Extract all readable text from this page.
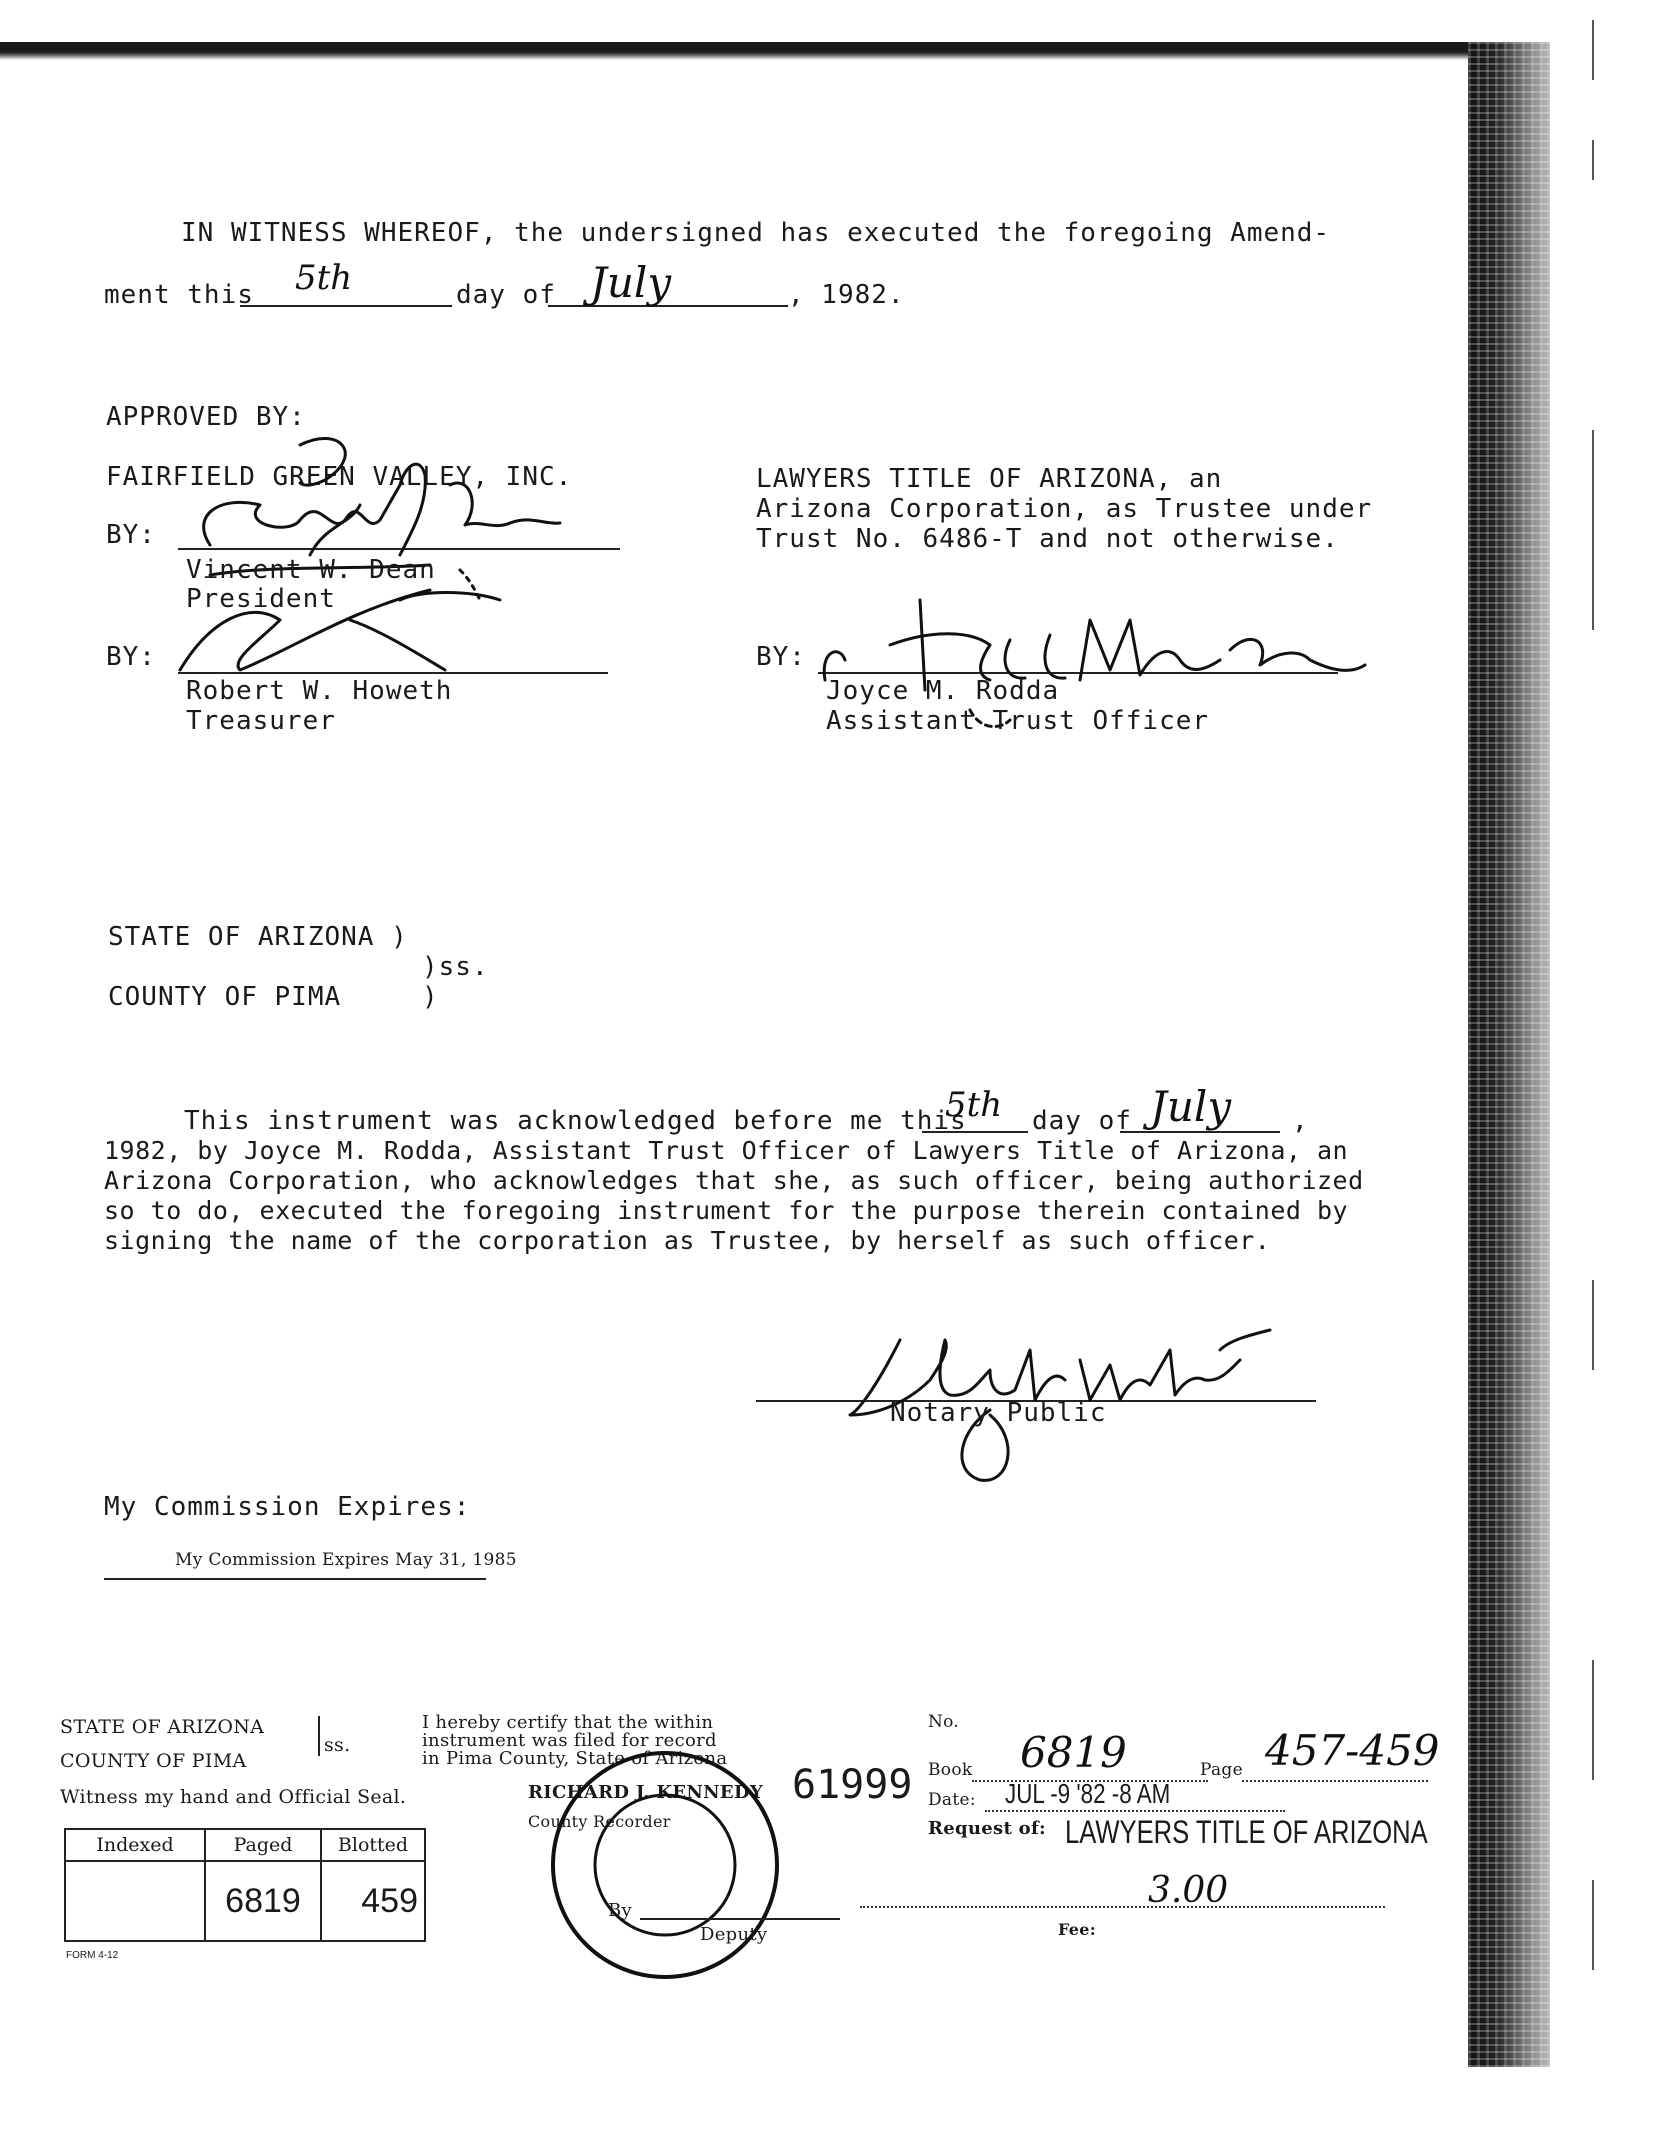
IN WITNESS WHEREOF, the undersigned has executed the foregoing Amend-
ment this 5th	day of July	, 1982.
APPROVED BY:
FAIRFIELD GREEN VALLEY, INC.
BY:
Vincent W. Dean
President
BY:
Robert W. Howeth
Treasurer
LAWYERS TITLE OF ARIZONA, an
Arizona Corporation, as Trustee under
Trust No. 6486-T and not otherwise.
BY:
Joyce M. Rodda
Assistant Trust Officer
STATE OF ARIZONA )
)ss.
COUNTY OF PIMA	)
This instrument was acknowledged before me this
5th day of July ,
1982, by Joyce M. Rodda, Assistant Trust Officer of Lawyers Title of Arizona, an
Arizona Corporation, who acknowledges that she, as such officer, being authorized
so to do, executed the foregoing instrument for the purpose therein contained by
signing the name of the corporation as Trustee, by herself as such officer.
Notary Public
My Commission Expires:
My Commission Expires May 31, 1985
STATE OF ARIZONA
COUNTY OF PIMA
ss.
Witness my hand and Official Seal.
Indexed	Paged	Blotted
	6819	459
FORM 4-12
I hereby certify that the within
instrument was filed for record
in Pima County, State of Arizona
RICHARD J. KENNEDY
County Recorder
By
Deputy
61999
No.
Book 6819	Page 457-459
Date: JUL -9 '82 -8 AM
Request of: LAWYERS TITLE OF ARIZONA
3.00
Fee:
